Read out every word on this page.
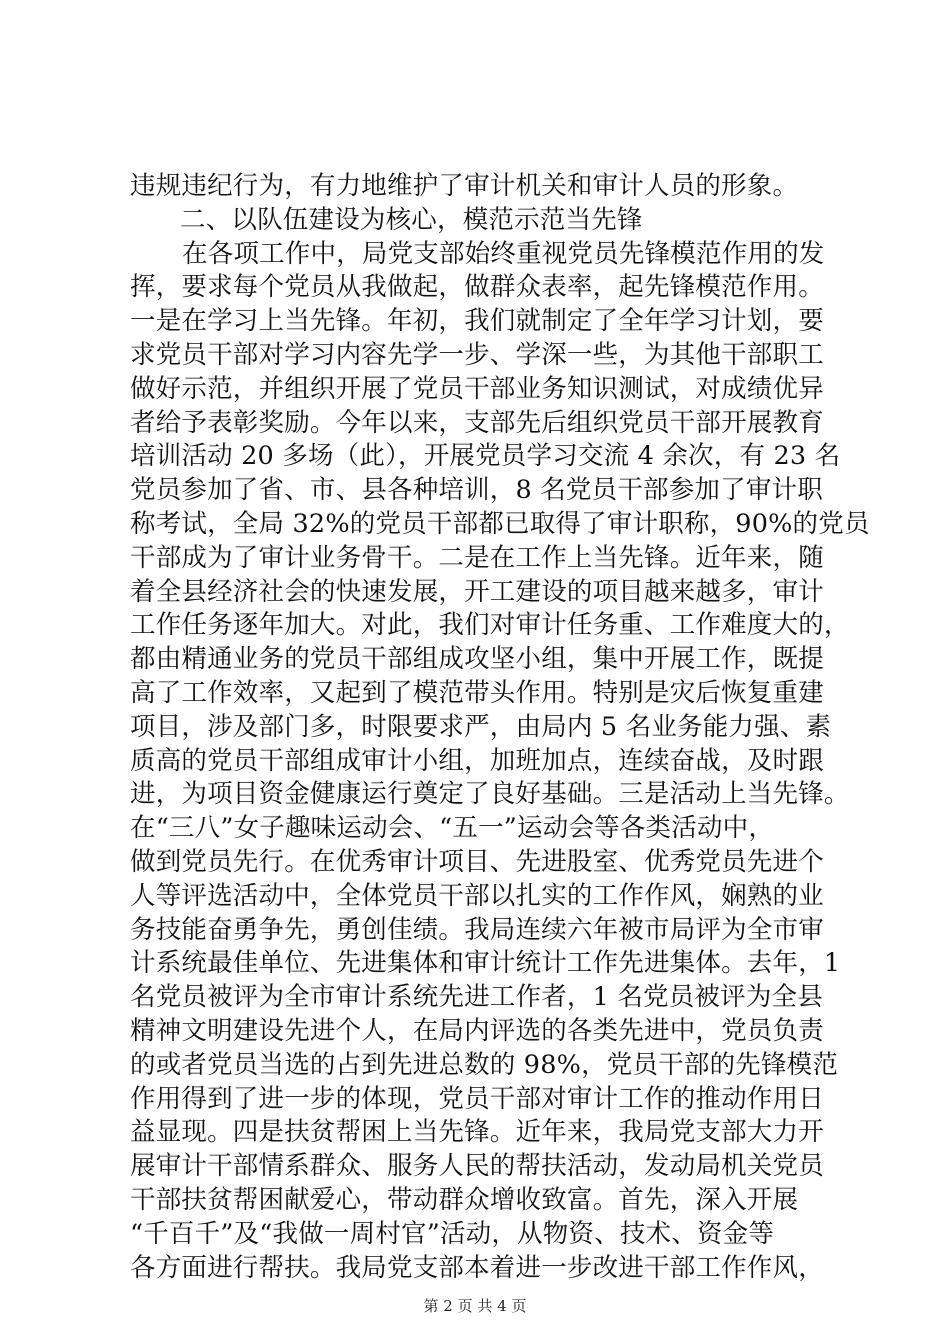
违规违纪行为，有力地维护了审计机关和审计人员的形象。
二、以队伍建设为核心，模范示范当先锋
在各项工作中，局党支部始终重视党员先锋模范作用的发
挥，要求每个党员从我做起，做群众表率，起先锋模范作用。
一是在学习上当先锋。年初，我们就制定了全年学习计划，要
求党员干部对学习内容先学一步、学深一些，为其他干部职工
做好示范，并组织开展了党员干部业务知识测试，对成绩优异
者给予表彰奖励。今年以来，支部先后组织党员干部开展教育
培训活动 20 多场（此），开展党员学习交流 4 余次，有 23 名
党员参加了省、市、县各种培训，8 名党员干部参加了审计职
称考试，全局 32%的党员干部都已取得了审计职称，90%的党员
干部成为了审计业务骨干。二是在工作上当先锋。近年来，随
着全县经济社会的快速发展，开工建设的项目越来越多，审计
工作任务逐年加大。对此，我们对审计任务重、工作难度大的，
都由精通业务的党员干部组成攻坚小组，集中开展工作，既提
高了工作效率，又起到了模范带头作用。特别是灾后恢复重建
项目，涉及部门多，时限要求严，由局内 5 名业务能力强、素
质高的党员干部组成审计小组，加班加点，连续奋战，及时跟
进，为项目资金健康运行奠定了良好基础。三是活动上当先锋。
在“三八”女子趣味运动会、“五一”运动会等各类活动中，
做到党员先行。在优秀审计项目、先进股室、优秀党员先进个
人等评选活动中，全体党员干部以扎实的工作作风，娴熟的业
务技能奋勇争先，勇创佳绩。我局连续六年被市局评为全市审
计系统最佳单位、先进集体和审计统计工作先进集体。去年，1
名党员被评为全市审计系统先进工作者，1 名党员被评为全县
精神文明建设先进个人，在局内评选的各类先进中，党员负责
的或者党员当选的占到先进总数的 98%，党员干部的先锋模范
作用得到了进一步的体现，党员干部对审计工作的推动作用日
益显现。四是扶贫帮困上当先锋。近年来，我局党支部大力开
展审计干部情系群众、服务人民的帮扶活动，发动局机关党员
干部扶贫帮困献爱心，带动群众增收致富。首先，深入开展
“千百千”及“我做一周村官”活动，从物资、技术、资金等
各方面进行帮扶。我局党支部本着进一步改进干部工作作风，
第 2 页 共 4 页
